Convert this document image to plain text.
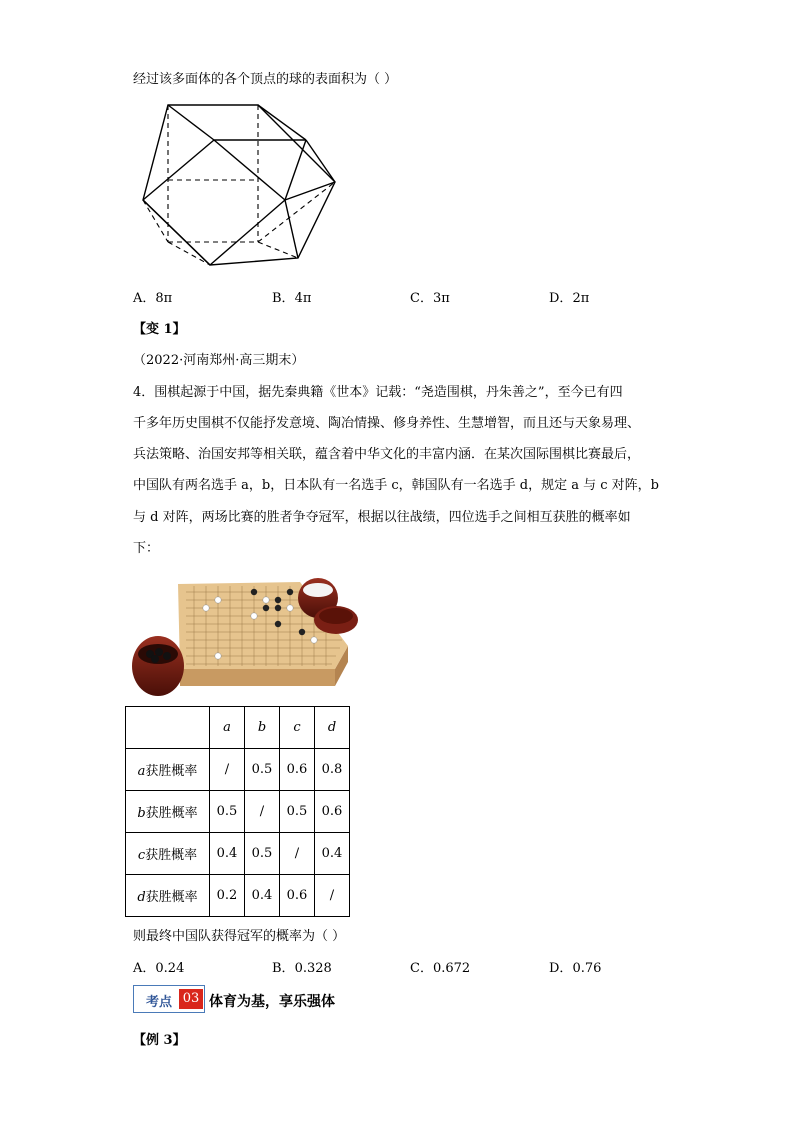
经过该多面体的各个顶点的球的表面积为（ ）
A．8π	B．4π	C．3π	D．2π
【变 1】
（2022·河南郑州·高三期末）
4．围棋起源于中国，据先秦典籍《世本》记载：“尧造围棋，丹朱善之”，至今已有四
千多年历史围棋不仅能抒发意境、陶冶情操、修身养性、生慧增智，而且还与天象易理、
兵法策略、治国安邦等相关联，蕴含着中华文化的丰富内涵．在某次国际围棋比赛最后，
中国队有两名选手 a，b，日本队有一名选手 c，韩国队有一名选手 d，规定 a 与 c 对阵，b
与 d 对阵，两场比赛的胜者争夺冠军，根据以往战绩，四位选手之间相互获胜的概率如
下：
	a	b	c	d
a获胜概率	/	0.5	0.6	0.8
b获胜概率	0.5	/	0.5	0.6
c获胜概率	0.4	0.5	/	0.4
d获胜概率	0.2	0.4	0.6	/
则最终中国队获得冠军的概率为（ ）
A．0.24	B．0.328	C．0.672	D．0.76
考点 03 体育为基，享乐强体
【例 3】
